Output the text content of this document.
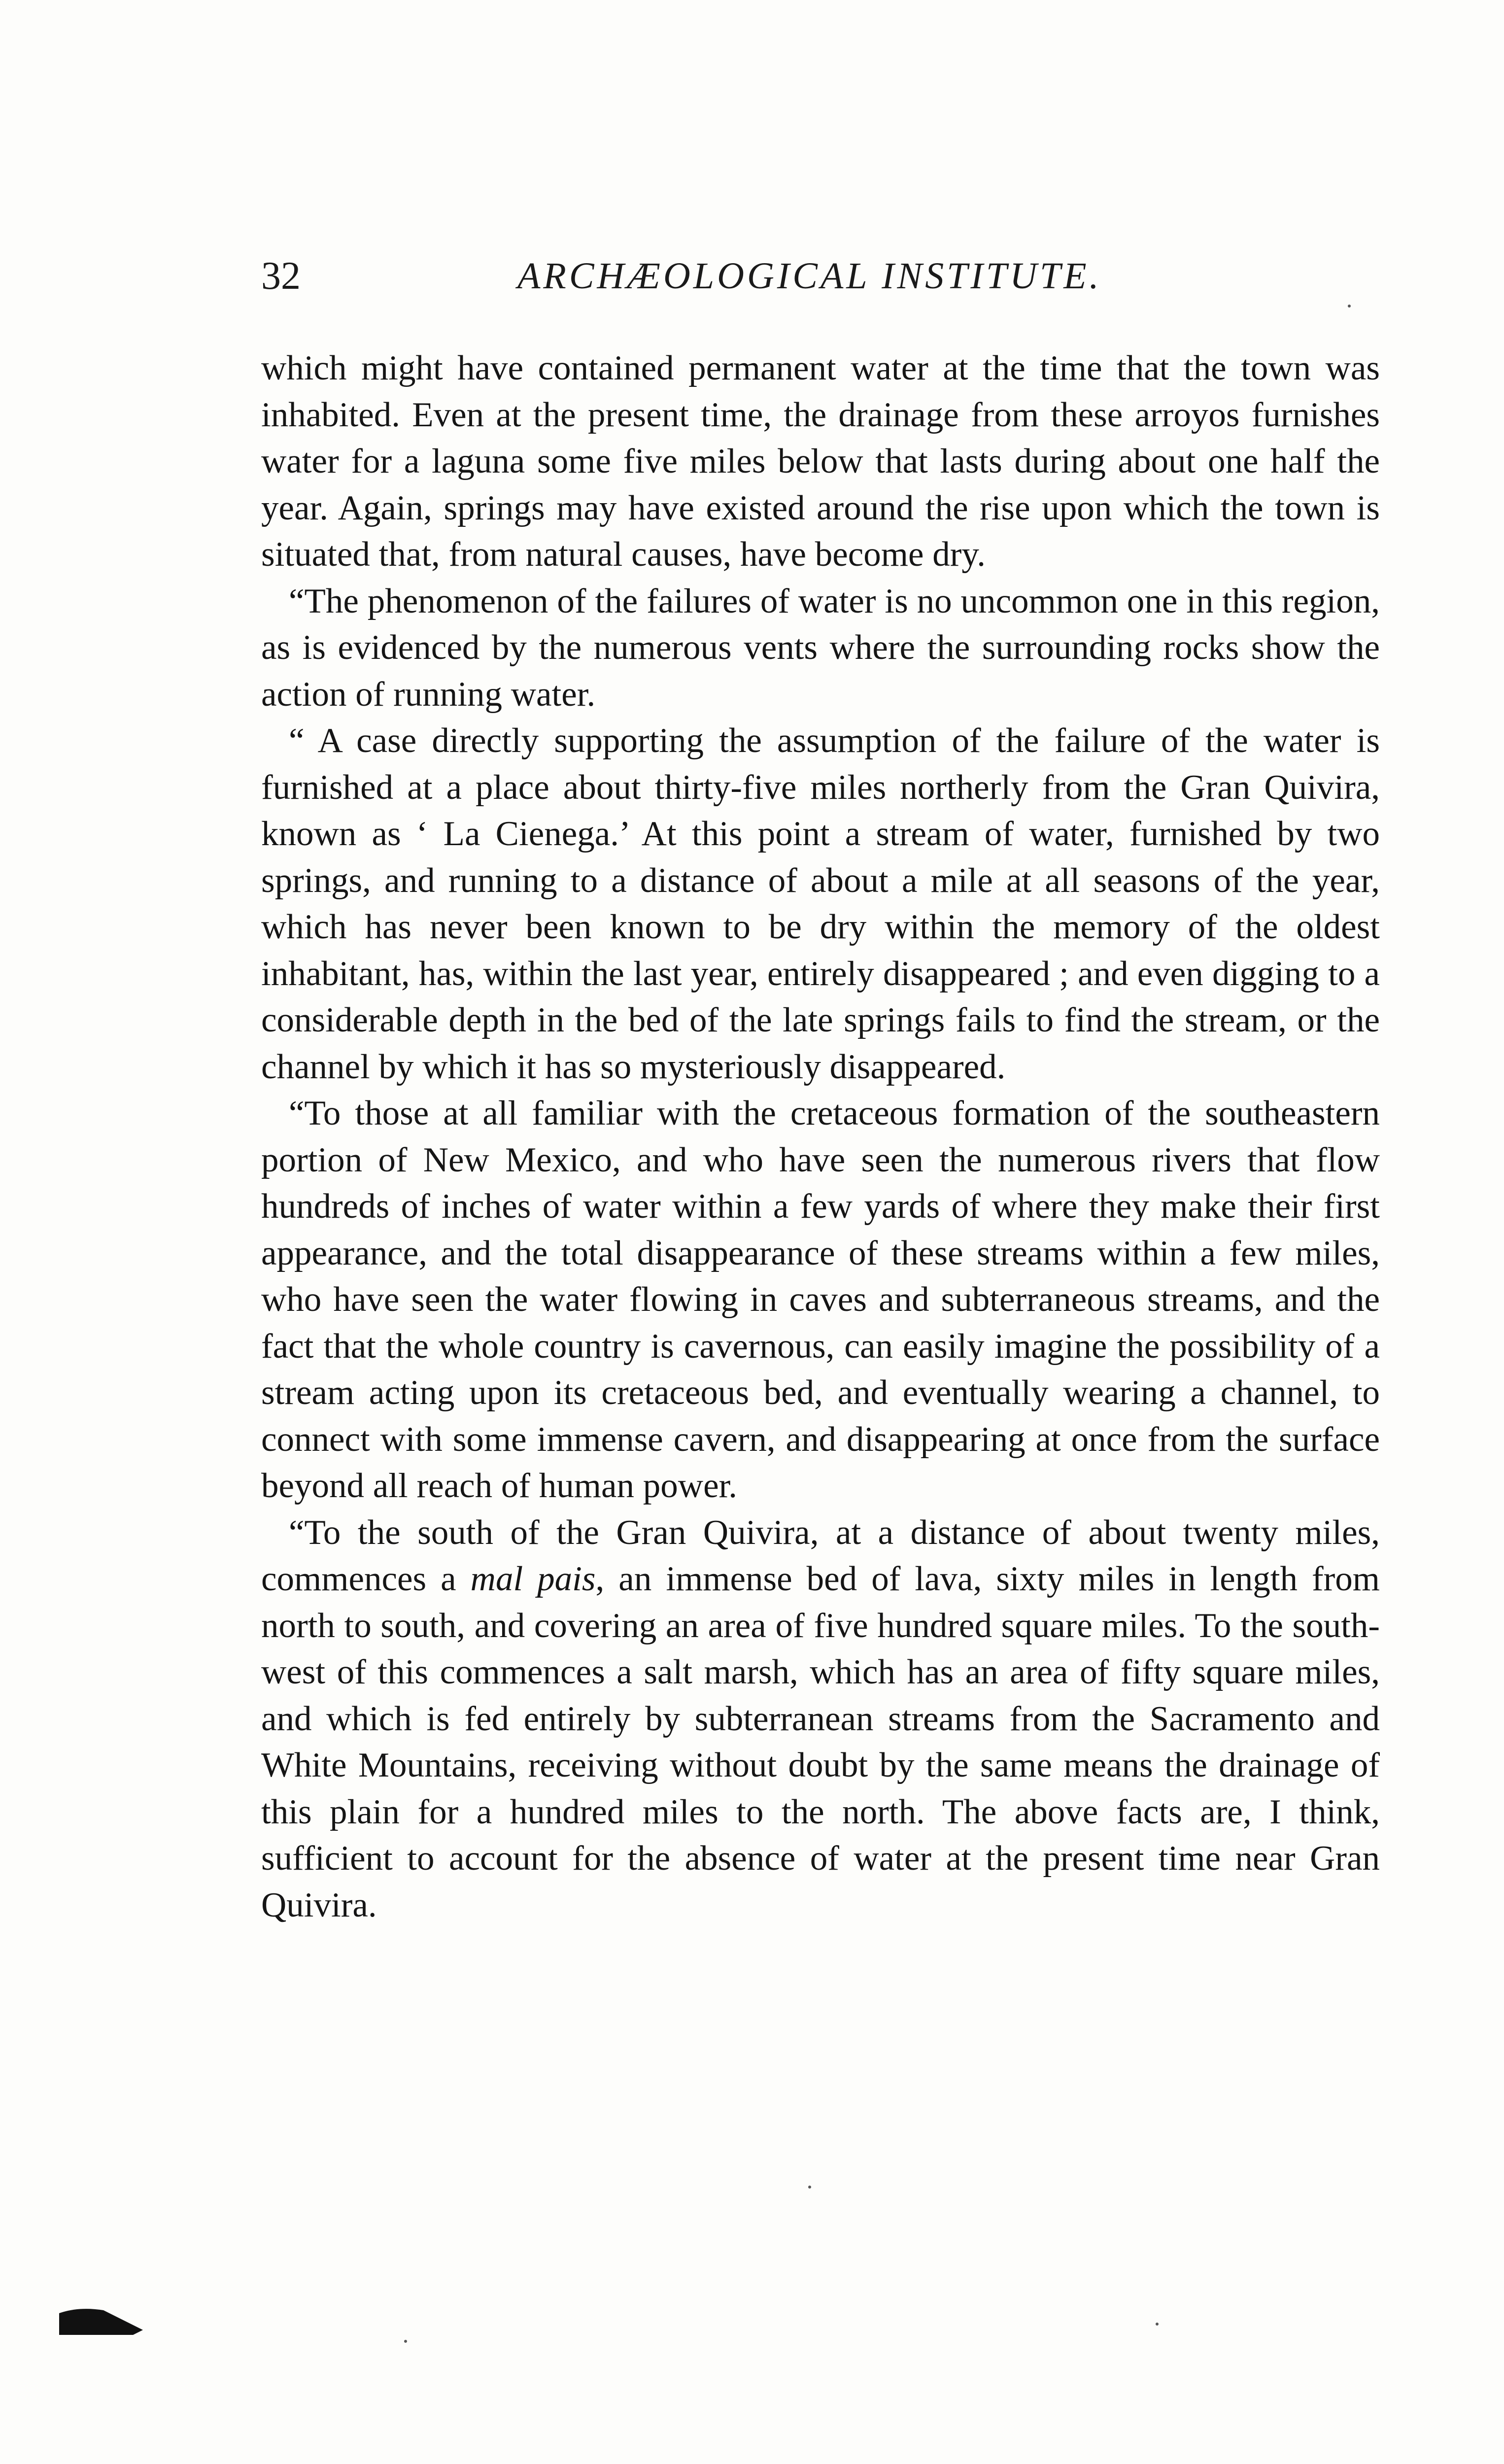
32	ARCHÆOLOGICAL INSTITUTE.

which might have contained permanent water at the time that the town was inhabited. Even at the present time, the drainage from these arroyos furnishes water for a laguna some five miles below that lasts during about one half the year. Again, springs may have existed around the rise upon which the town is situated that, from natural causes, have become dry.

“The phenomenon of the failures of water is no uncommon one in this region, as is evidenced by the numerous vents where the surrounding rocks show the action of running water.

“ A case directly supporting the assumption of the failure of the water is furnished at a place about thirty-five miles northerly from the Gran Quivira, known as ‘ La Cienega.’ At this point a stream of water, furnished by two springs, and running to a distance of about a mile at all seasons of the year, which has never been known to be dry within the memory of the oldest inhabitant, has, within the last year, entirely disappeared ; and even digging to a considerable depth in the bed of the late springs fails to find the stream, or the channel by which it has so mysteriously disappeared.

“To those at all familiar with the cretaceous formation of the southeastern portion of New Mexico, and who have seen the numerous rivers that flow hundreds of inches of water within a few yards of where they make their first appearance, and the total disappearance of these streams within a few miles, who have seen the water flowing in caves and subterraneous streams, and the fact that the whole country is cavernous, can easily imagine the possibility of a stream acting upon its cretaceous bed, and eventually wearing a channel, to connect with some immense cavern, and disappearing at once from the surface beyond all reach of human power.

“To the south of the Gran Quivira, at a distance of about twenty miles, commences a mal pais, an immense bed of lava, sixty miles in length from north to south, and covering an area of five hundred square miles. To the south-west of this commences a salt marsh, which has an area of fifty square miles, and which is fed entirely by subterranean streams from the Sacramento and White Mountains, receiving without doubt by the same means the drainage of this plain for a hundred miles to the north. The above facts are, I think, sufficient to account for the absence of water at the present time near Gran Quivira.
